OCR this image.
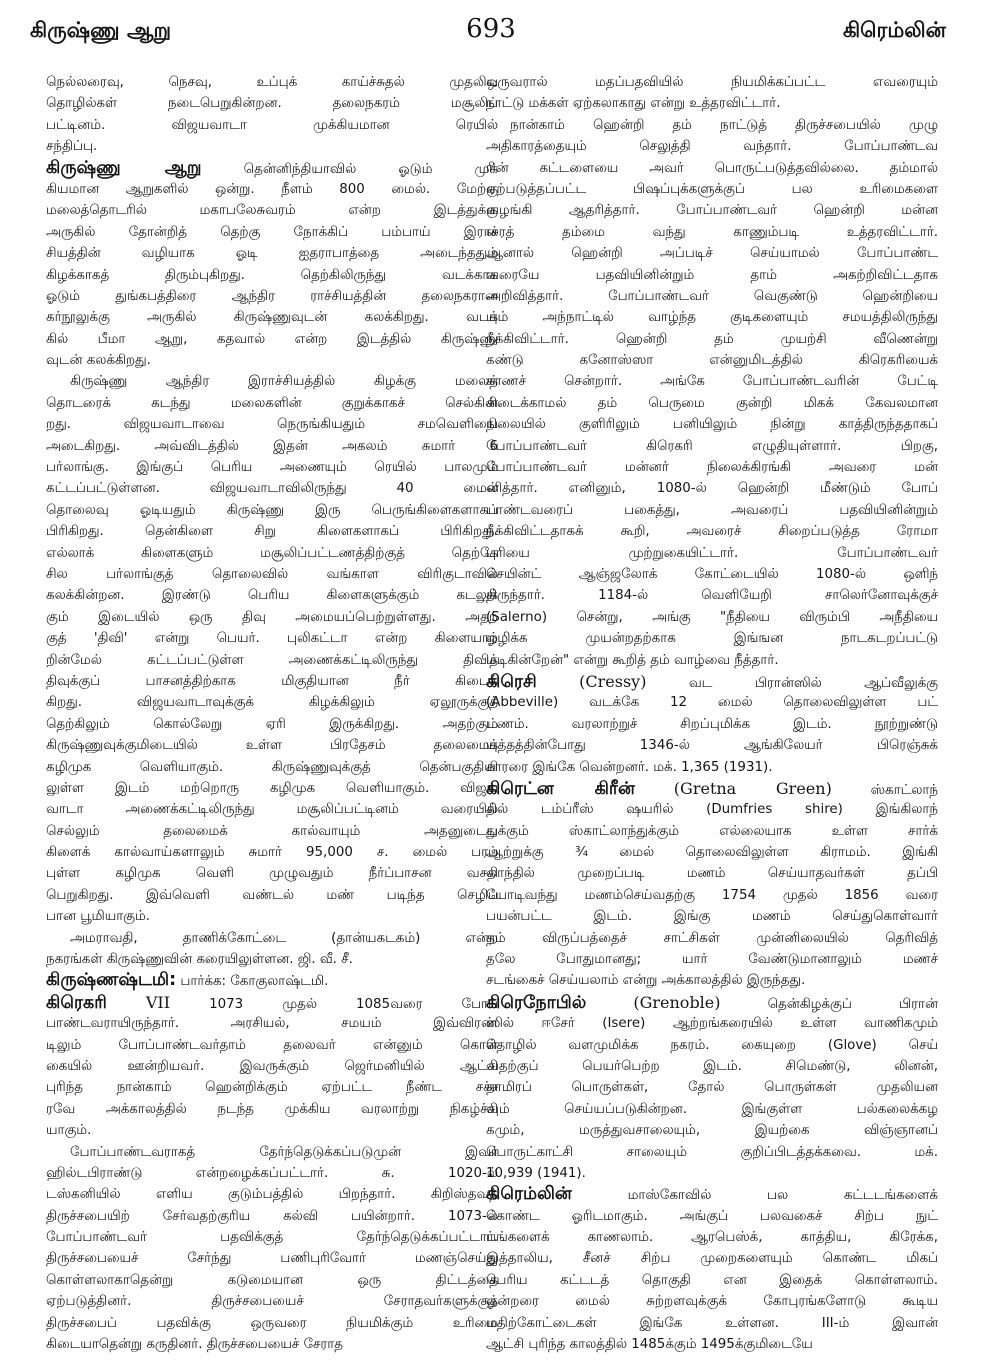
கிருஷ்ணு ஆறு	693	கிரெம்லின்
நெல்லரைவு, நெசவு, உப்புக் காய்ச்சுதல் முதலிய
தொழில்கள் நடைபெறுகின்றன. தலைநகரம் மசூலிப்
பட்டினம். விஜயவாடா முக்கியமான ரெயில்
சந்திப்பு.
கிருஷ்ணு ஆறு	தென்னிந்தியாவில் ஓடும் முக்
கியமான ஆறுகளில் ஒன்று. நீளம் 800 மைல். மேற்கு
மலைத்தொடரில் மகாபலேசுவரம் என்ற இடத்துக்கு
அருகில் தோன்றித் தெற்கு நோக்கிப் பம்பாய் இராச்
சியத்தின் வழியாக ஓடி ஐதராபாத்தை அடைந்ததும்
கிழக்காகத் திரும்புகிறது. தெற்கிலிருந்து வடக்காக
ஓடும் துங்கபத்திரை ஆந்திர ராச்சியத்தின் தலைநகரான
கர்நூலுக்கு அருகில் கிருஷ்ணுவுடன் கலக்கிறது. வடக்
கில் பீமா ஆறு, கதவால் என்ற இடத்தில் கிருஷ்ணு
வுடன் கலக்கிறது.
கிருஷ்ணு ஆந்திர இராச்சியத்தில் கிழக்கு மலைத்
தொடரைக் கடந்து மலைகளின் குறுக்காகச் செல்கின்
றது. விஜயவாடாவை நெருங்கியதும் சமவெளியை
அடைகிறது. அவ்விடத்தில் இதன் அகலம் சுமார் 6
பர்லாங்கு. இங்குப் பெரிய அணையும் ரெயில் பாலமும்
கட்டப்பட்டுள்ளன. விஜயவாடாவிலிருந்து 40 மைல்
தொலைவு ஓடியதும் கிருஷ்ணு இரு பெருங்கிளைகளாகப்
பிரிகிறது. தென்கிளை சிறு கிளைகளாகப் பிரிகிறது.
எல்லாக் கிளைகளும் மசூலிப்பட்டணத்திற்குத் தெற்கே
சில பர்லாங்குத் தொலைவில் வங்காள விரிகுடாவில்
கலக்கின்றன. இரண்டு பெரிய கிளைகளுக்கும் கடலுக்
கும் இடையில் ஒரு திவு அமையப்பெற்றுள்ளது. அதற்
குத் 'திவி' என்று பெயர். புலிகட்டா என்ற கிளையாற்
றின்மேல் கட்டப்பட்டுள்ள அணைக்கட்டிலிருந்து திவித்
திவுக்குப் பாசனத்திற்காக மிகுதியான நீர் கிடைக்
கிறது. விஜயவாடாவுக்குக் கிழக்கிலும் ஏலூருக்குத்
தெற்கிலும் கொல்லேறு ஏரி இருக்கிறது. அதற்கும்
கிருஷ்ணுவுக்குமிடையில் உள்ள பிரதேசம் தலைமைக்
கழிமுக வெளியாகும். கிருஷ்ணுவுக்குத் தென்பகுதியி
லுள்ள இடம் மற்றொரு கழிமுக வெளியாகும். விஜய
வாடா அணைக்கட்டிலிருந்து மசூலிப்பட்டினம் வரையில்
செல்லும் தலைமைக் கால்வாயும் அதனுடைய
கிளைக் கால்வாய்களாலும் சுமார் 95,000 ச. மைல் பரப்
புள்ள கழிமுக வெளி முழுவதும் நீர்ப்பாசன வசதி
பெறுகிறது. இவ்வெளி வண்டல் மண் படிந்த செழிப்
பான பூமியாகும்.
அமராவதி, தாணிக்கோட்டை (தான்யகடகம்) என்ற
நகரங்கள் கிருஷ்ணுவின் கரையிலுள்ளன. ஜி. வீ. சீ.
கிருஷ்ணஷ்டமி: பார்க்க: கோகுலாஷ்டமி.
கிரெகரி VII	1073 முதல் 1085வரை போப்
பாண்டவராயிருந்தார். அரசியல், சமயம் இவ்விரண்
டிலும் போப்பாண்டவர்தாம் தலைவர் என்னும் கொள்
கையில் ஊன்றியவர். இவருக்கும் ஜெர்மனியில் ஆட்சி
புரிந்த நான்காம் ஹென்றிக்கும் ஏற்பட்ட நீண்ட சச்ச
ரவே அக்காலத்தில் நடந்த முக்கிய வரலாற்று நிகழ்ச்சி
யாகும்.
போப்பாண்டவராகத் தேர்ந்தெடுக்கப்படுமுன் இவர்
ஹில்டபிராண்டு என்றழைக்கப்பட்டார். சு. 1020-ல்
டஸ்கனியில் எளிய குடும்பத்தில் பிறந்தார். கிறிஸ்தவத்
திருச்சபையிற் சேர்வதற்குரிய கல்வி பயின்றார். 1073-ல்
போப்பாண்டவர் பதவிக்குத் தேர்ந்தெடுக்கப்பட்டார்.
திருச்சபையைச் சேர்ந்து பணிபுரிவோர் மணஞ்செய்து
கொள்ளலாகாதென்று கடுமையான ஒரு திட்டத்தை
ஏற்படுத்தினர். திருச்சபையைச் சேராதவர்களுக்குத்
திருச்சபைப் பதவிக்கு ஒருவரை நியமிக்கும் உரிமை
கிடையாதென்று கருதினர். திருச்சபையைச் சேராத
ஒருவரால் மதப்பதவியில் நியமிக்கப்பட்ட எவரையும்
நாட்டு மக்கள் ஏற்கலாகாது என்று உத்தரவிட்டார்.
நான்காம் ஹென்றி தம் நாட்டுத் திருச்சபையில் முழு
அதிகாரத்தையும் செலுத்தி வந்தார். போப்பாண்டவ
ரின் கட்டளையை அவர் பொருட்படுத்தவில்லை. தம்மால்
ஏற்படுத்தப்பட்ட பிஷப்புக்களுக்குப் பல உரிமைகளை
வழங்கி ஆதரித்தார். போப்பாண்டவர் ஹென்றி மன்ன
ரைத் தம்மை வந்து காணும்படி உத்தரவிட்டார்.
ஆனால் ஹென்றி அப்படிச் செய்யாமல் போப்பாண்ட
வரையே பதவியினின்றும் தாம் அகற்றிவிட்டதாக
அறிவித்தார். போப்பாண்டவர் வெகுண்டு ஹென்றியை
யும் அந்நாட்டில் வாழ்ந்த குடிகளையும் சமயத்திலிருந்து
நீக்கிவிட்டார். ஹென்றி தம் முயற்சி வீணென்று
கண்டு கனோஸ்ஸா என்னுமிடத்தில் கிரெகரியைக்
காணச் சென்றார். அங்கே போப்பாண்டவரின் பேட்டி
கிடைக்காமல் தம் பெருமை குன்றி மிகக் கேவலமான
நிலையில் குளிரிலும் பனியிலும் நின்று காத்திருந்ததாகப்
போப்பாண்டவர் கிரெகரி எழுதியுள்ளார். பிறகு,
போப்பாண்டவர் மன்னர் நிலைக்கிரங்கி அவரை மன்
னித்தார். எனினும், 1080-ல் ஹென்றி மீண்டும் போப்
பாண்டவரைப் பகைத்து, அவரைப் பதவியினின்றும்
நீக்கிவிட்டதாகக் கூறி, அவரைச் சிறைப்படுத்த ரோமா
புரியை முற்றுகையிட்டார். போப்பாண்டவர்
செயின்ட் ஆஞ்ஜலோக் கோட்டையில் 1080-ல் ஒளிந்
திருந்தார். 1184-ல் வெளியேறி சாலெர்னோவுக்குச்
(Salerno) சென்று, அங்கு "நீதியை விரும்பி அநீதியை
ஒழிக்க முயன்றதற்காக இங்ஙன நாடகடறப்பட்டு
மடிகின்றேன்" என்று கூறித் தம் வாழ்வை நீத்தார்.
கிரெசி	(Cressy)	வட பிரான்ஸில் ஆப்வீலுக்கு
(Abbeville) வடக்கே 12 மைல் தொலைவிலுள்ள பட்
டணம். வரலாற்றுச் சிறப்புமிக்க இடம். நூற்றுண்டு
யுத்தத்தின்போது 1346-ல் ஆங்கிலேயர் பிரெஞ்சுக்
காரரை இங்கே வென்றனர். மக். 1,365 (1931).
கிரெட்ன கிரீன் (Gretna Green)	ஸ்காட்லாந்
தில் டம்ப்ரீஸ் ஷயரில் (Dumfries shire) இங்கிலாந்
துக்கும் ஸ்காட்லாந்துக்கும் எல்லையாக உள்ள சார்க்
ஆற்றுக்கு ¾ மைல் தொலைவிலுள்ள கிராமம். இங்கி
லாந்தில் முறைப்படி மணம் செய்யாதவர்கள் தப்பி
யோடிவந்து மணம்செய்வதற்கு 1754 முதல் 1856 வரை
பயன்பட்ட இடம். இங்கு மணம் செய்துகொள்வார்
தம் விருப்பத்தைச் சாட்சிகள் முன்னிலையில் தெரிவித்
தலே போதுமானது; யார் வேண்டுமானாலும் மணச்
சடங்கைச் செய்யலாம் என்று அக்காலத்தில் இருந்தது.
கிரெநோபில்	(Grenoble)	தென்கிழக்குப் பிரான்
ஸில் ஈசேர் (Isere) ஆற்றங்கரையில் உள்ள வாணிகமும்
தொழில் வளமுமிக்க நகரம். கையுறை (Glove) செய்
வதற்குப் பெயர்பெற்ற இடம். சிமெண்டு, லினன்,
தாமிரப் பொருள்கள், தோல் பொருள்கள் முதலியன
வும் செய்யப்படுகின்றன. இங்குள்ள பல்கலைக்கழ
கமும், மருத்துவசாலையும், இயற்கை விஞ்ஞானப்
பொருட்காட்சி சாலையும் குறிப்பிடத்தக்கவை. மக்.
10,939 (1941).
கிரெம்லின்	மாஸ்கோவில் பல கட்டடங்களைக்
கொண்ட ஓரிடமாகும். அங்குப் பலவகைச் சிற்ப நுட்
பங்களைக் காணலாம். ஆரபெஸ்க், காத்திய, கிரேக்க,
இத்தாலிய, சீனச் சிற்ப முறைகளையும் கொண்ட மிகப்
பெரிய கட்டடத் தொகுதி என இதைக் கொள்ளலாம்.
ஒன்றரை மைல் சுற்றளவுக்குக் கோபுரங்களோடு கூடிய
மதிற்கோட்டைகள் இங்கே உள்ளன. III-ம் இவான்
ஆட்சி புரிந்த காலத்தில் 1485க்கும் 1495க்குமிடையே
